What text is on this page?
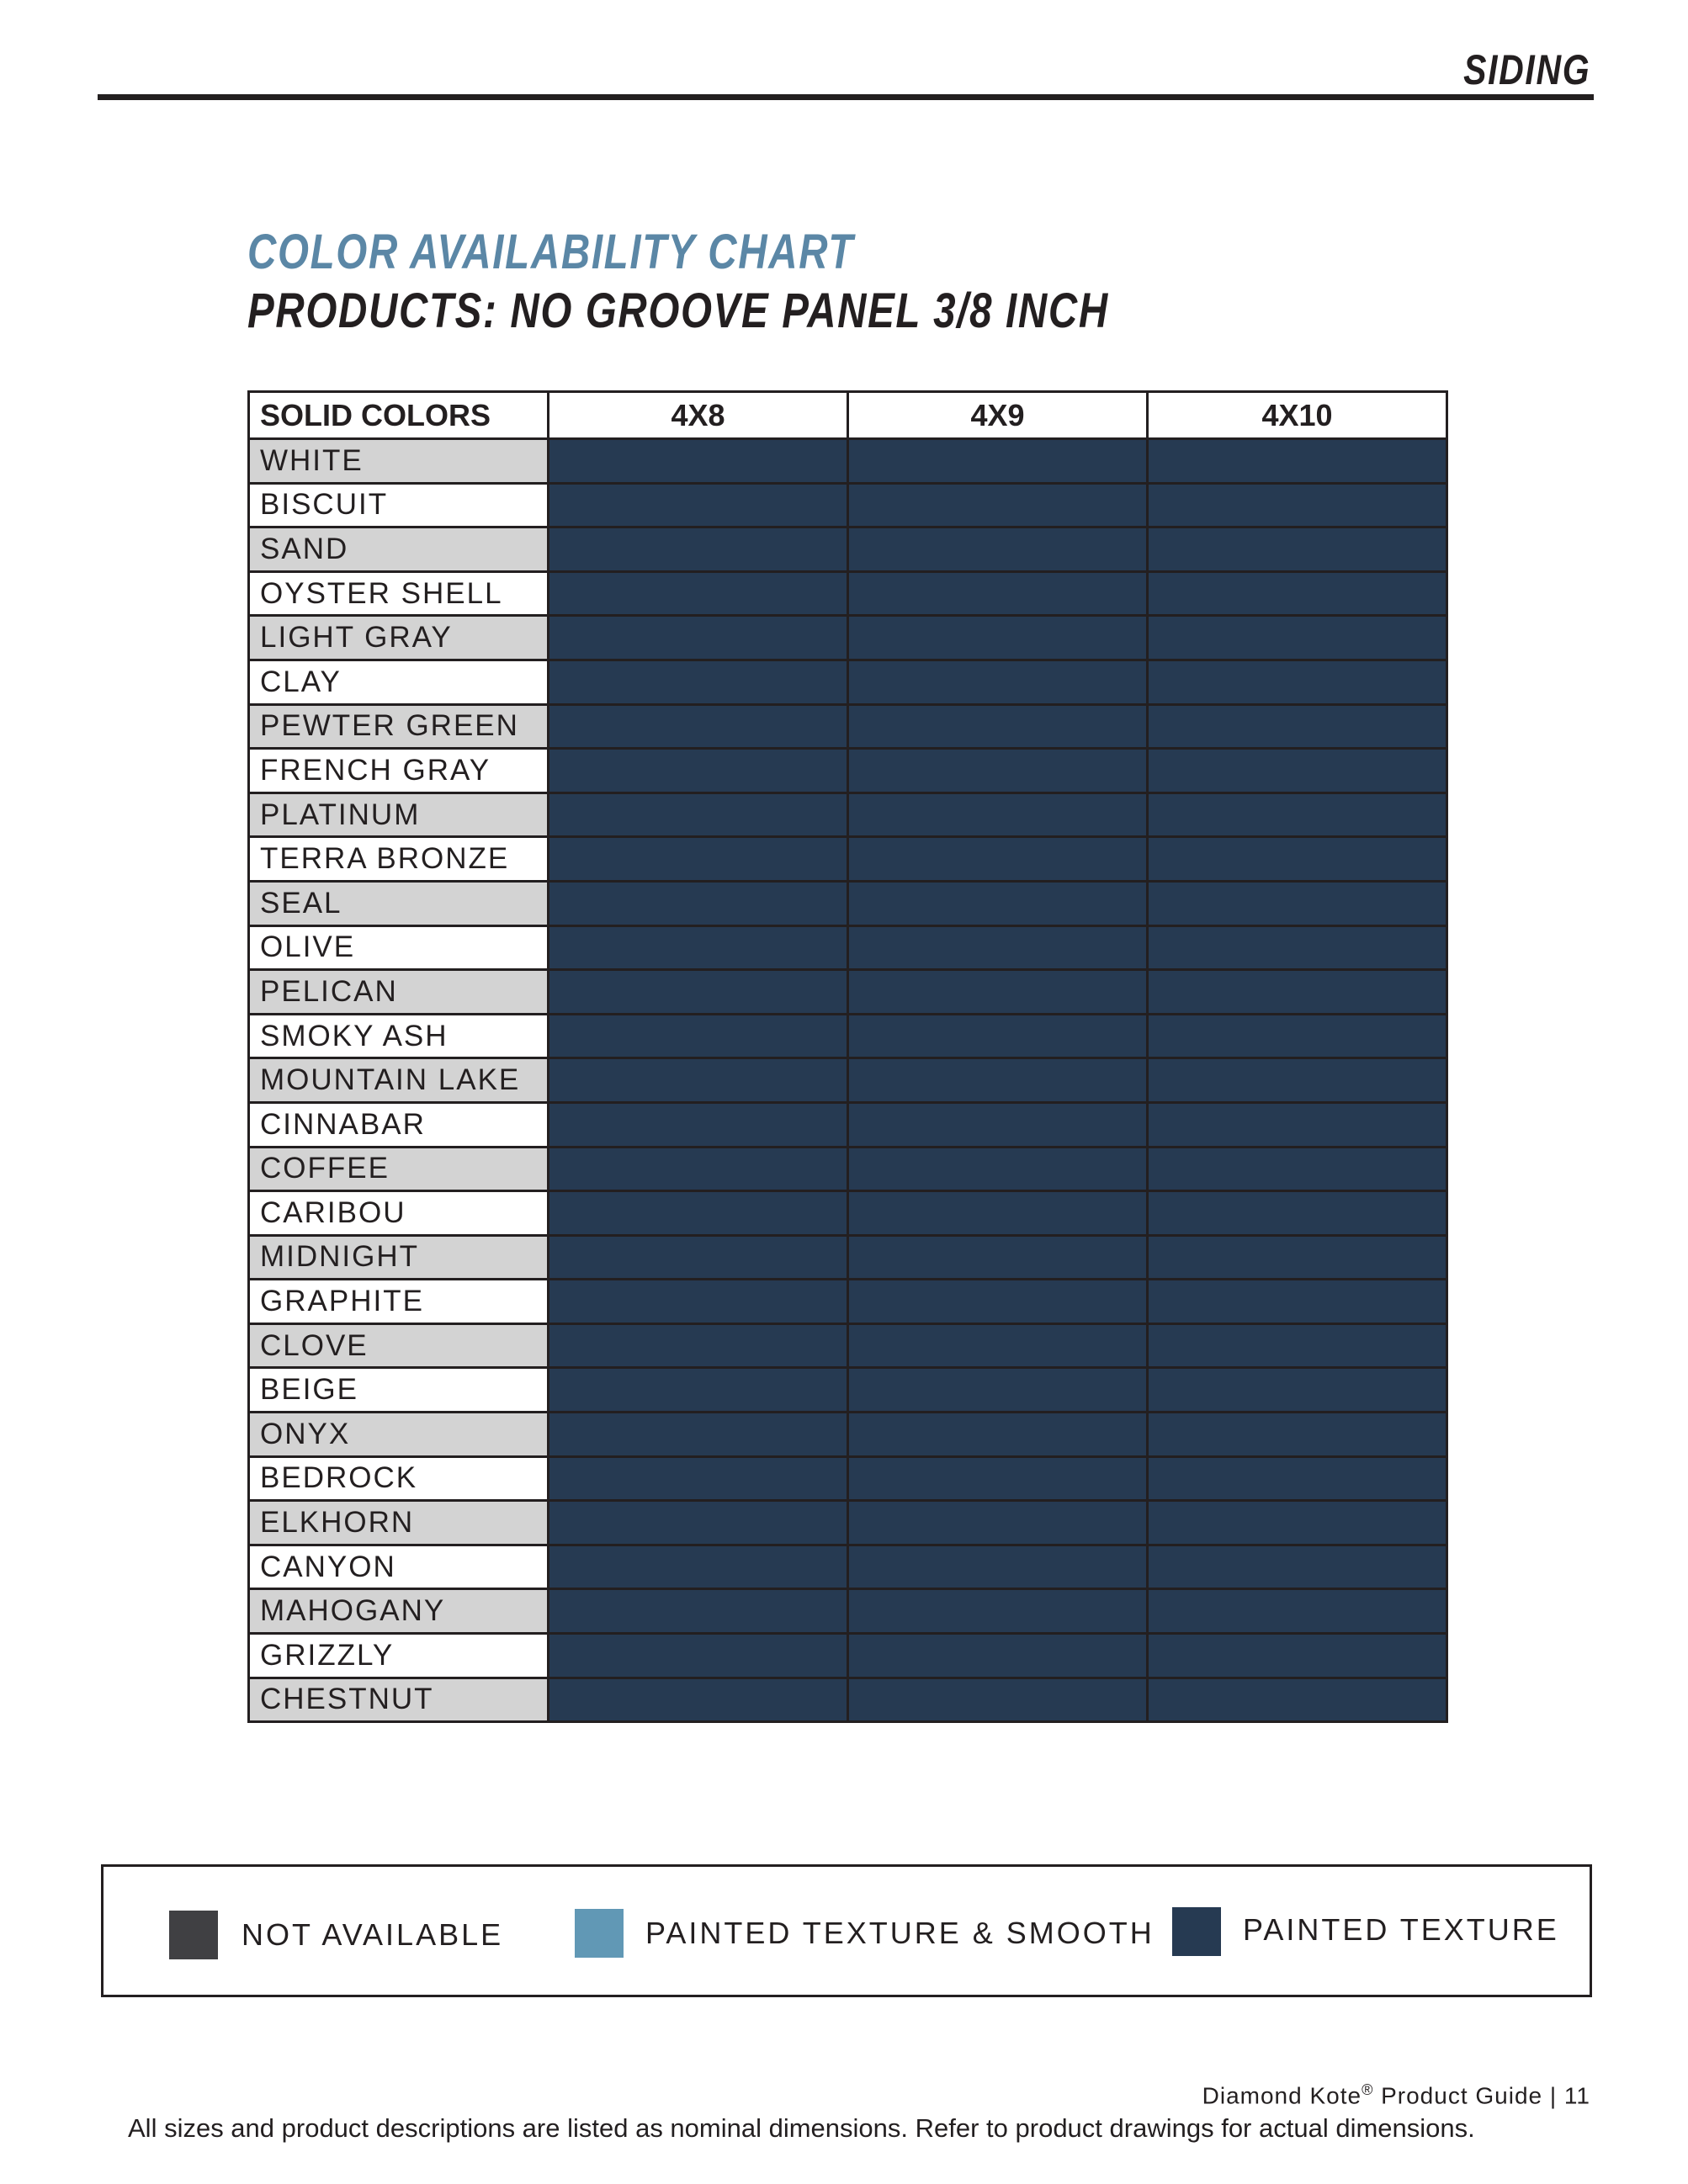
SIDING
COLOR AVAILABILITY CHART
PRODUCTS: NO GROOVE PANEL 3/8 INCH
SOLID COLORS	4X8	4X9	4X10
WHITE			
BISCUIT			
SAND			
OYSTER SHELL			
LIGHT GRAY			
CLAY			
PEWTER GREEN			
FRENCH GRAY			
PLATINUM			
TERRA BRONZE			
SEAL			
OLIVE			
PELICAN			
SMOKY ASH			
MOUNTAIN LAKE			
CINNABAR			
COFFEE			
CARIBOU			
MIDNIGHT			
GRAPHITE			
CLOVE			
BEIGE			
ONYX			
BEDROCK			
ELKHORN			
CANYON			
MAHOGANY			
GRIZZLY			
CHESTNUT			
NOT AVAILABLE	PAINTED TEXTURE & SMOOTH	PAINTED TEXTURE
Diamond Kote® Product Guide | 11
All sizes and product descriptions are listed as nominal dimensions. Refer to product drawings for actual dimensions.
